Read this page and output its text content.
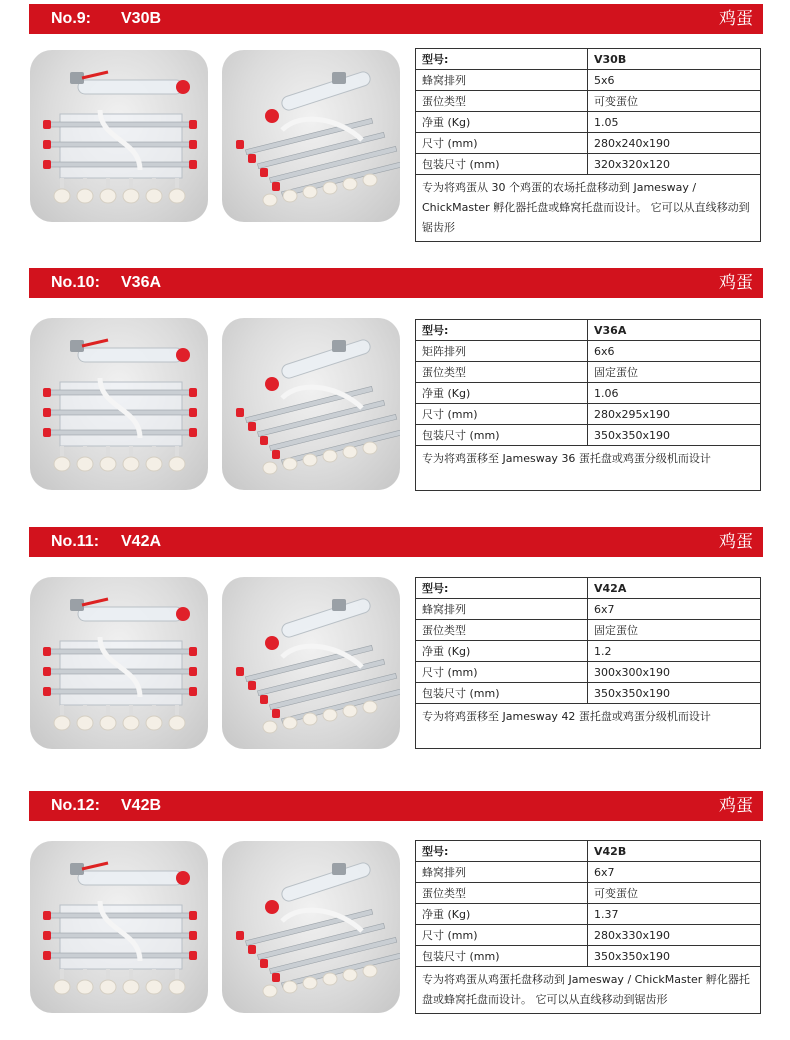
No.9: V30B	鸡蛋
型号:	V30B
蜂窝排列	5x6
蛋位类型	可变蛋位
净重 (Kg)	1.05
尺寸 (mm)	280x240x190
包装尺寸 (mm)	320x320x120
专为将鸡蛋从 30 个鸡蛋的农场托盘移动到 Jamesway / ChickMaster 孵化器托盘或蜂窝托盘而设计。 它可以从直线移动到锯齿形	
No.10: V36A	鸡蛋
型号:	V36A
矩阵排列	6x6
蛋位类型	固定蛋位
净重 (Kg)	1.06
尺寸 (mm)	280x295x190
包装尺寸 (mm)	350x350x190
专为将鸡蛋移至 Jamesway 36 蛋托盘或鸡蛋分级机而设计	
No.11: V42A	鸡蛋
型号:	V42A
蜂窝排列	6x7
蛋位类型	固定蛋位
净重 (Kg)	1.2
尺寸 (mm)	300x300x190
包装尺寸 (mm)	350x350x190
专为将鸡蛋移至 Jamesway 42 蛋托盘或鸡蛋分级机而设计	
No.12: V42B	鸡蛋
型号:	V42B
蜂窝排列	6x7
蛋位类型	可变蛋位
净重 (Kg)	1.37
尺寸 (mm)	280x330x190
包装尺寸 (mm)	350x350x190
专为将鸡蛋从鸡蛋托盘移动到 Jamesway / ChickMaster 孵化器托盘或蜂窝托盘而设计。 它可以从直线移动到锯齿形	
